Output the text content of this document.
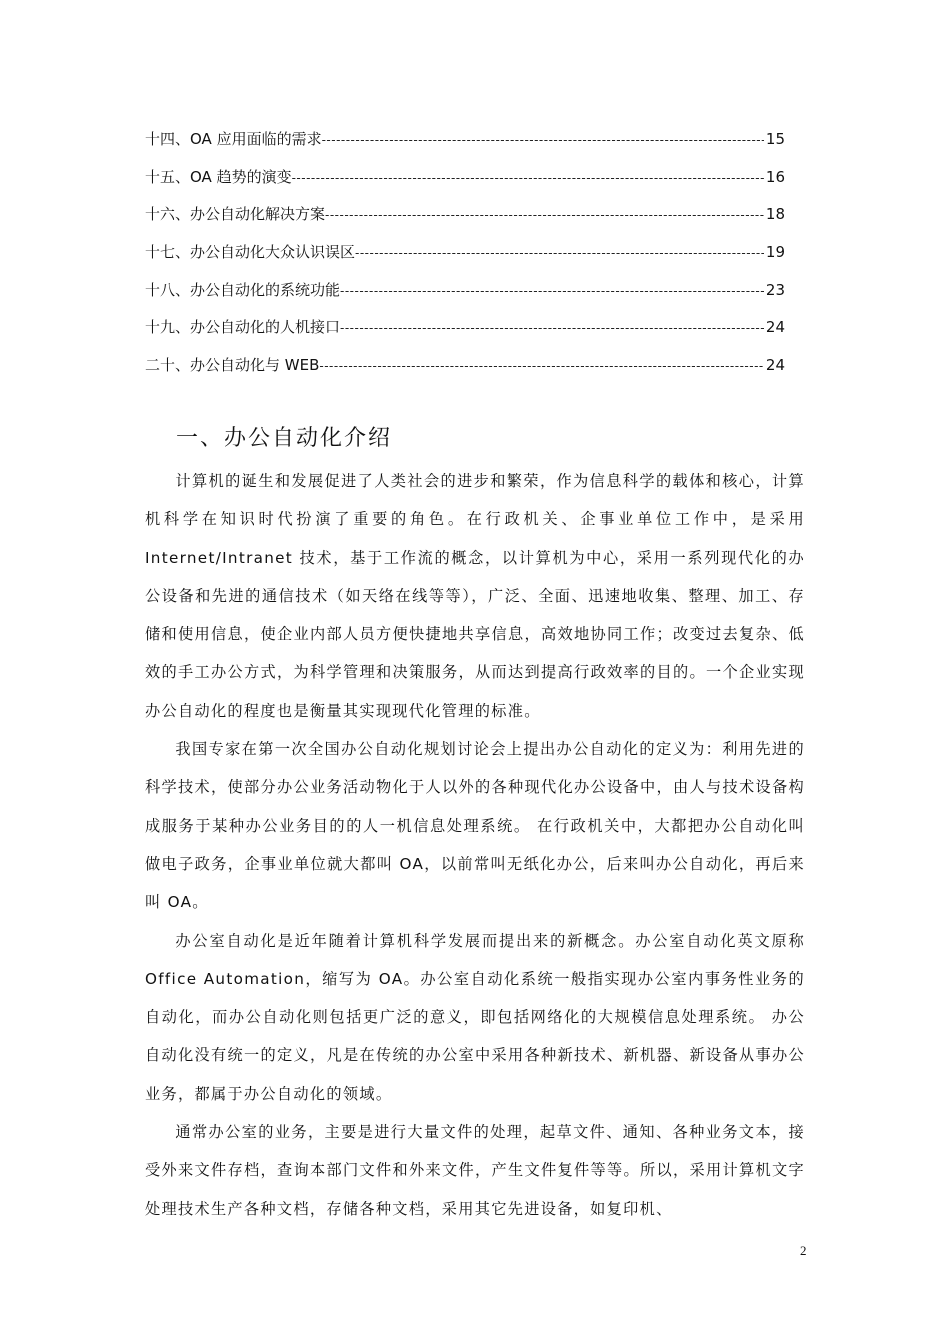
十四、OA 应用面临的需求 -----	15
十五、OA 趋势的演变 -----	16
十六、办公自动化解决方案 -----	18
十七、办公自动化大众认识误区 -----	19
十八、办公自动化的系统功能 -----	23
十九、办公自动化的人机接口 -----	24
二十、办公自动化与 WEB -----	24
一、办公自动化介绍

计算机的诞生和发展促进了人类社会的进步和繁荣，作为信息科学的载体和核心，计算机科学在知识时代扮演了重要的角色。在行政机关、企事业单位工作中，是采用 Internet/Intranet 技术，基于工作流的概念，以计算机为中心，采用一系列现代化的办公设备和先进的通信技术（如天络在线等等），广泛、全面、迅速地收集、整理、加工、存储和使用信息，使企业内部人员方便快捷地共享信息，高效地协同工作；改变过去复杂、低效的手工办公方式，为科学管理和决策服务，从而达到提高行政效率的目的。一个企业实现办公自动化的程度也是衡量其实现现代化管理的标准。

我国专家在第一次全国办公自动化规划讨论会上提出办公自动化的定义为：利用先进的科学技术，使部分办公业务活动物化于人以外的各种现代化办公设备中，由人与技术设备构成服务于某种办公业务目的的人一机信息处理系统。 在行政机关中，大都把办公自动化叫做电子政务，企事业单位就大都叫 OA，以前常叫无纸化办公，后来叫办公自动化，再后来叫 OA。

办公室自动化是近年随着计算机科学发展而提出来的新概念。办公室自动化英文原称 Office Automation，缩写为 OA。办公室自动化系统一般指实现办公室内事务性业务的自动化，而办公自动化则包括更广泛的意义，即包括网络化的大规模信息处理系统。 办公自动化没有统一的定义，凡是在传统的办公室中采用各种新技术、新机器、新设备从事办公业务，都属于办公自动化的领域。

通常办公室的业务，主要是进行大量文件的处理，起草文件、通知、各种业务文本，接受外来文件存档，查询本部门文件和外来文件，产生文件复件等等。所以，采用计算机文字处理技术生产各种文档，存储各种文档，采用其它先进设备，如复印机、

2
